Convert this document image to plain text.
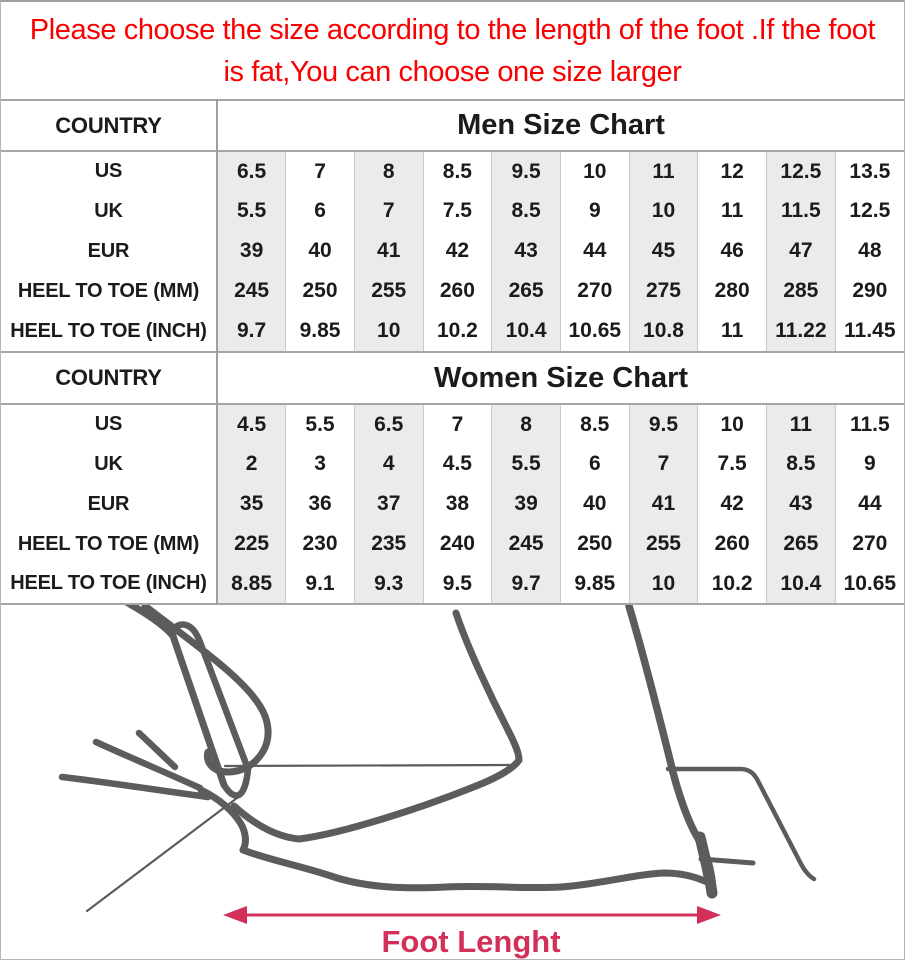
Please choose the size according to the length of the foot .If the foot
is fat,You can choose one size larger
COUNTRY	Men Size Chart									
US	6.5	7	8	8.5	9.5	10	11	12	12.5	13.5
UK	5.5	6	7	7.5	8.5	9	10	11	11.5	12.5
EUR	39	40	41	42	43	44	45	46	47	48
HEEL TO TOE (MM)	245	250	255	260	265	270	275	280	285	290
HEEL TO TOE (INCH)	9.7	9.85	10	10.2	10.4	10.65	10.8	11	11.22	11.45
COUNTRY	Women Size Chart									
US	4.5	5.5	6.5	7	8	8.5	9.5	10	11	11.5
UK	2	3	4	4.5	5.5	6	7	7.5	8.5	9
EUR	35	36	37	38	39	40	41	42	43	44
HEEL TO TOE (MM)	225	230	235	240	245	250	255	260	265	270
HEEL TO TOE (INCH)	8.85	9.1	9.3	9.5	9.7	9.85	10	10.2	10.4	10.65
Foot Lenght
